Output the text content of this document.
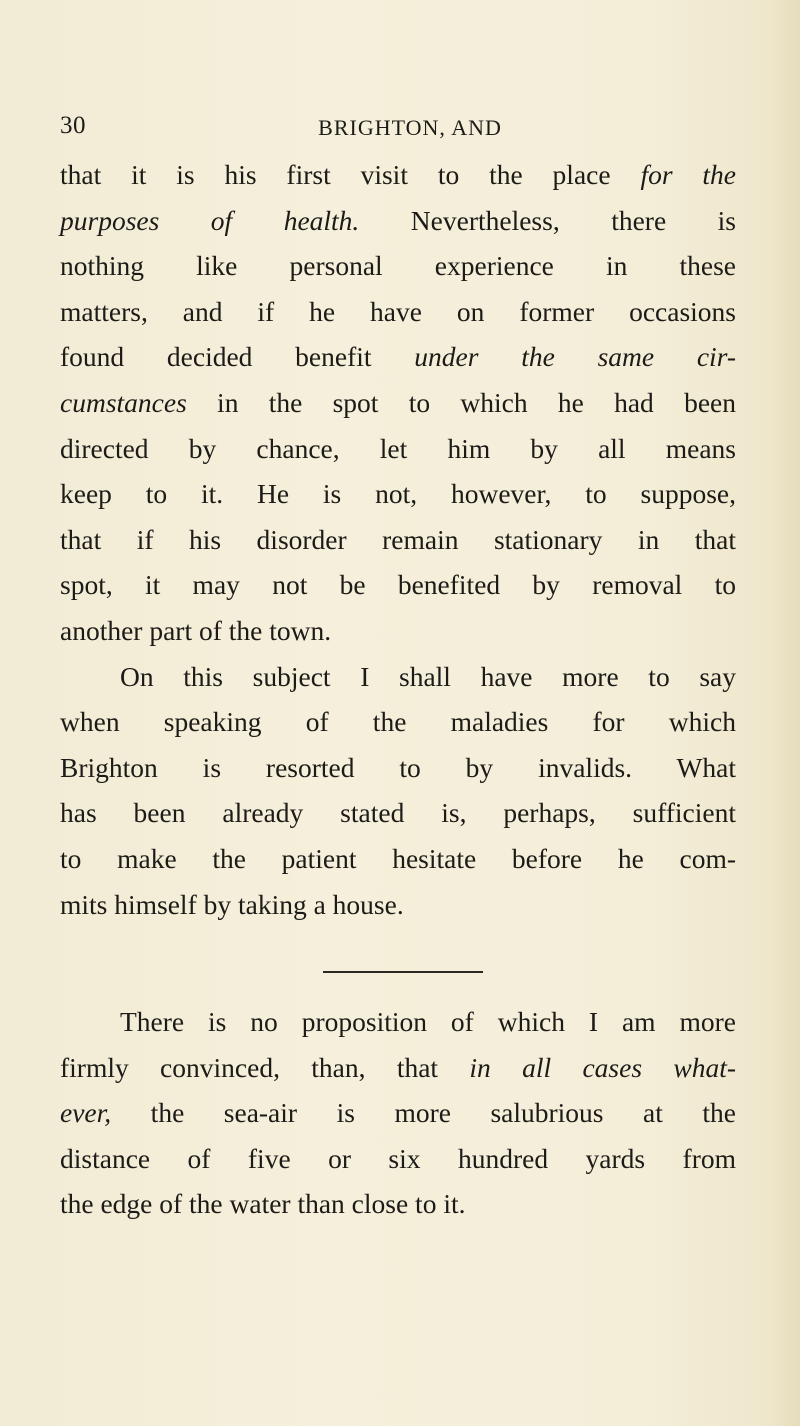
30	BRIGHTON, AND
that it is his first visit to the place for the
purposes of health. Nevertheless, there is
nothing like personal experience in these
matters, and if he have on former occasions
found decided benefit under the same cir-
cumstances in the spot to which he had been
directed by chance, let him by all means
keep to it. He is not, however, to suppose,
that if his disorder remain stationary in that
spot, it may not be benefited by removal to
another part of the town.
On this subject I shall have more to say
when speaking of the maladies for which
Brighton is resorted to by invalids. What
has been already stated is, perhaps, sufficient
to make the patient hesitate before he com-
mits himself by taking a house.
There is no proposition of which I am more
firmly convinced, than, that in all cases what-
ever, the sea-air is more salubrious at the
distance of five or six hundred yards from
the edge of the water than close to it.
